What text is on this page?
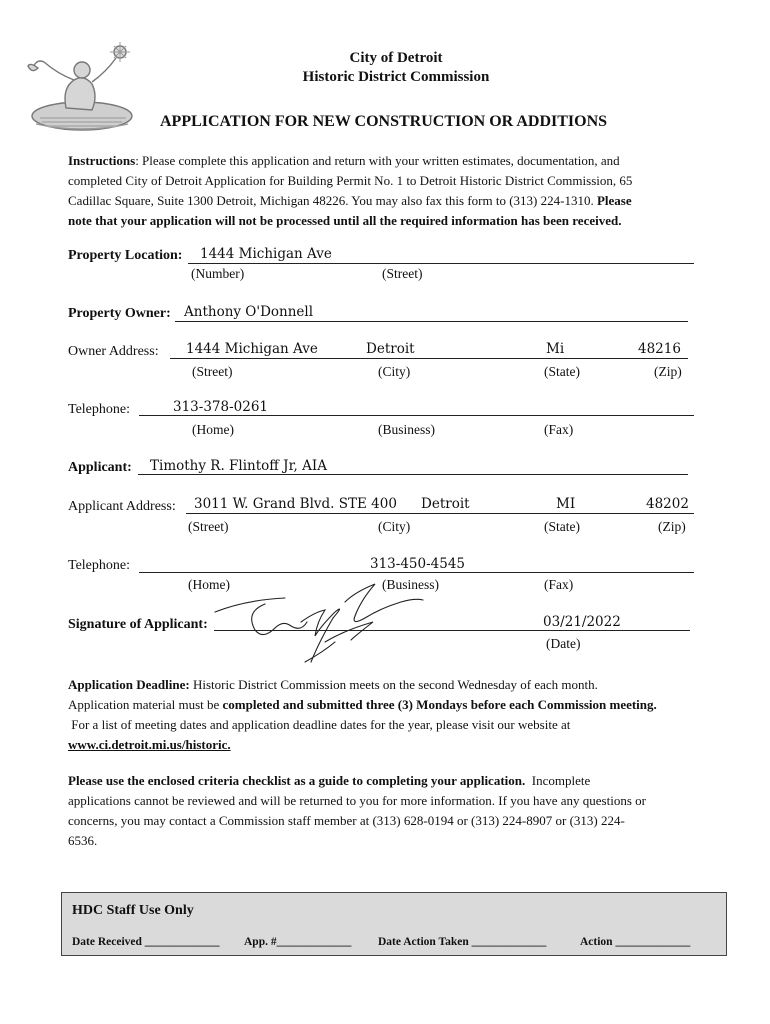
City of Detroit
Historic District Commission
APPLICATION FOR NEW CONSTRUCTION OR ADDITIONS
Instructions: Please complete this application and return with your written estimates, documentation, and
completed City of Detroit Application for Building Permit No. 1 to Detroit Historic District Commission, 65
Cadillac Square, Suite 1300 Detroit, Michigan 48226. You may also fax this form to (313) 224-1310. Please
note that your application will not be processed until all the required information has been received.
Property Location: 1444 Michigan Ave
(Number)	(Street)
Property Owner: Anthony O'Donnell
Owner Address: 1444 Michigan Ave	Detroit	Mi	48216
(Street)	(City)	(State)	(Zip)
Telephone:	313-378-0261
(Home)	(Business)	(Fax)
Applicant: Timothy R. Flintoff Jr, AIA
Applicant Address: 3011 W. Grand Blvd. STE 400 Detroit	MI	48202
(Street)	(City)	(State)	(Zip)
Telephone:	313-450-4545
(Home)	(Business)	(Fax)
Signature of Applicant:	03/21/2022
(Date)
Application Deadline: Historic District Commission meets on the second Wednesday of each month.
Application material must be completed and submitted three (3) Mondays before each Commission meeting.
For a list of meeting dates and application deadline dates for the year, please visit our website at
www.ci.detroit.mi.us/historic.
Please use the enclosed criteria checklist as a guide to completing your application. Incomplete
applications cannot be reviewed and will be returned to you for more information. If you have any questions or
concerns, you may contact a Commission staff member at (313) 628-0194 or (313) 224-8907 or (313) 224-
6536.
HDC Staff Use Only
Date Received _____________ App. #_____________ Date Action Taken _____________	Action _____________
